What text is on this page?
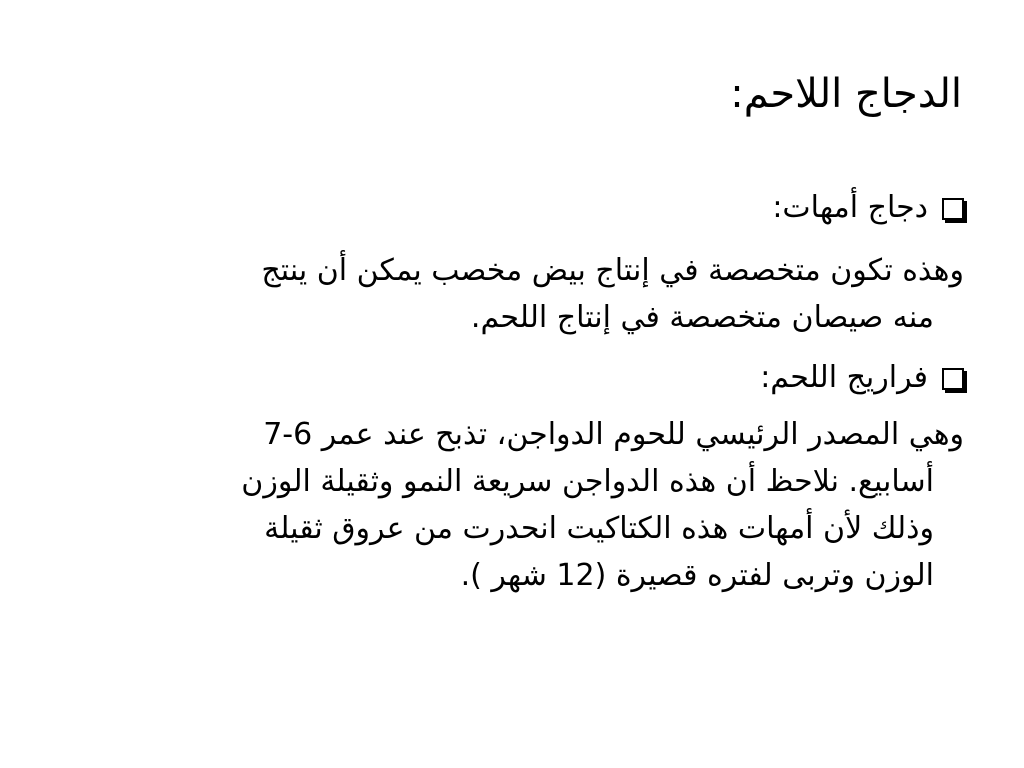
الدجاج اللاحم:
دجاج أمهات:

وهذه تكون متخصصة في إنتاج بيض مخصب يمكن أن ينتج
منه صيصان متخصصة في إنتاج اللحم.

فراريج اللحم:

وهي المصدر الرئيسي للحوم الدواجن، تذبح عند عمر 6-7
أسابيع. نلاحظ أن هذه الدواجن سريعة النمو وثقيلة الوزن
وذلك لأن أمهات هذه الكتاكيت انحدرت من عروق ثقيلة
الوزن وتربى لفتره قصيرة (12 شهر ).
